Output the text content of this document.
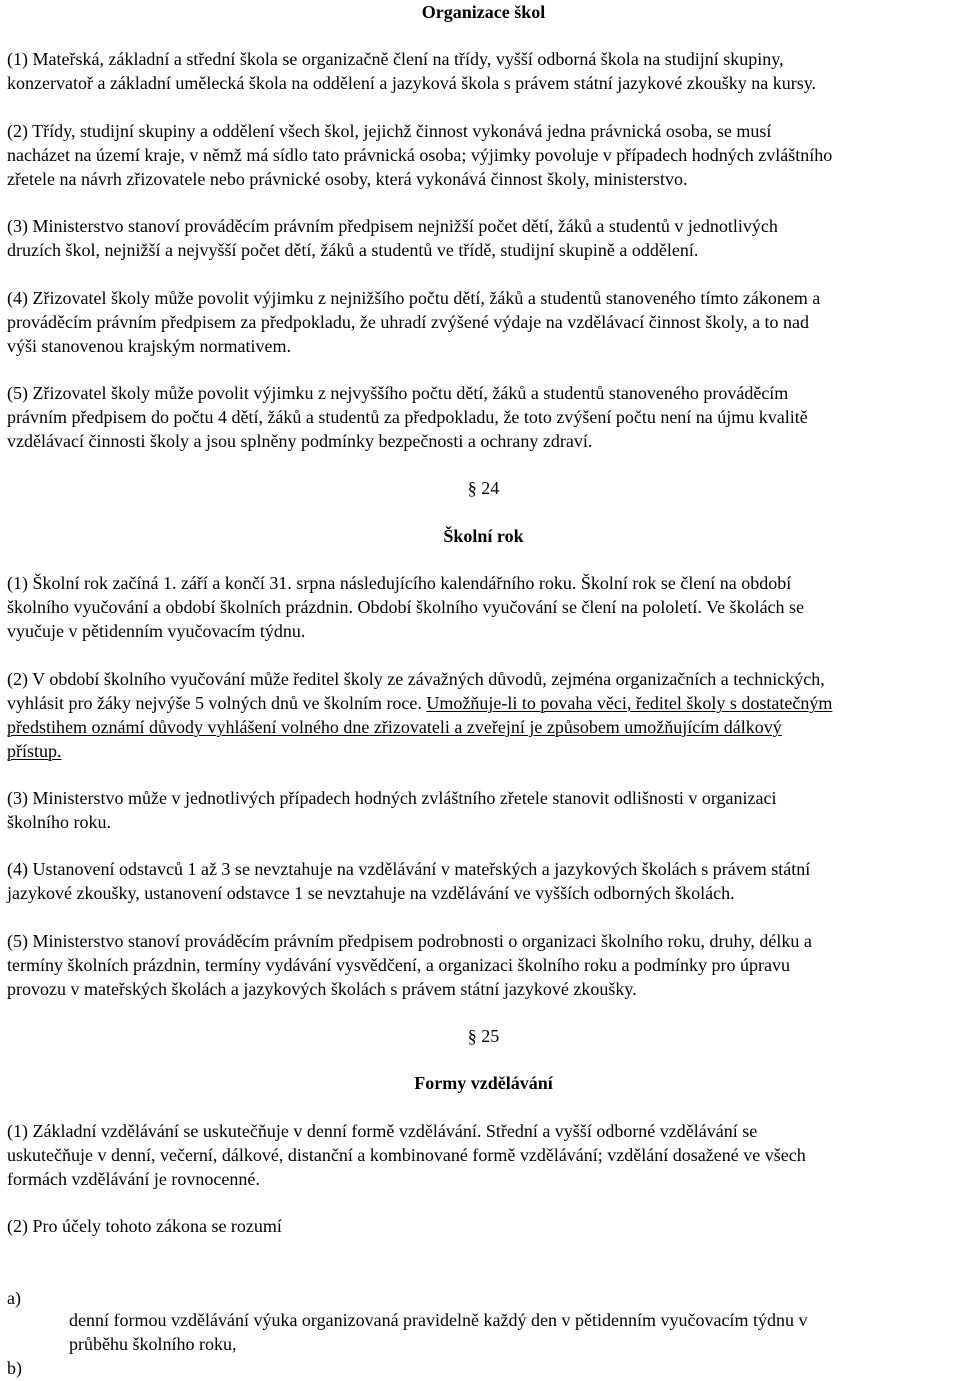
Organizace škol
(1) Mateřská, základní a střední škola se organizačně člení na třídy, vyšší odborná škola na studijní skupiny,
konzervatoř a základní umělecká škola na oddělení a jazyková škola s právem státní jazykové zkoušky na kursy.
(2) Třídy, studijní skupiny a oddělení všech škol, jejichž činnost vykonává jedna právnická osoba, se musí
nacházet na území kraje, v němž má sídlo tato právnická osoba; výjimky povoluje v případech hodných zvláštního
zřetele na návrh zřizovatele nebo právnické osoby, která vykonává činnost školy, ministerstvo.
(3) Ministerstvo stanoví prováděcím právním předpisem nejnižší počet dětí, žáků a studentů v jednotlivých
druzích škol, nejnižší a nejvyšší počet dětí, žáků a studentů ve třídě, studijní skupině a oddělení.
(4) Zřizovatel školy může povolit výjimku z nejnižšího počtu dětí, žáků a studentů stanoveného tímto zákonem a
prováděcím právním předpisem za předpokladu, že uhradí zvýšené výdaje na vzdělávací činnost školy, a to nad
výši stanovenou krajským normativem.
(5) Zřizovatel školy může povolit výjimku z nejvyššího počtu dětí, žáků a studentů stanoveného prováděcím
právním předpisem do počtu 4 dětí, žáků a studentů za předpokladu, že toto zvýšení počtu není na újmu kvalitě
vzdělávací činnosti školy a jsou splněny podmínky bezpečnosti a ochrany zdraví.
§ 24
Školní rok
(1) Školní rok začíná 1. září a končí 31. srpna následujícího kalendářního roku. Školní rok se člení na období
školního vyučování a období školních prázdnin. Období školního vyučování se člení na pololetí. Ve školách se
vyučuje v pětidenním vyučovacím týdnu.
(2) V období školního vyučování může ředitel školy ze závažných důvodů, zejména organizačních a technických,
vyhlásit pro žáky nejvýše 5 volných dnů ve školním roce. Umožňuje-li to povaha věci, ředitel školy s dostatečným
předstihem oznámí důvody vyhlášení volného dne zřizovateli a zveřejní je způsobem umožňujícím dálkový
přístup.
(3) Ministerstvo může v jednotlivých případech hodných zvláštního zřetele stanovit odlišnosti v organizaci
školního roku.
(4) Ustanovení odstavců 1 až 3 se nevztahuje na vzdělávání v mateřských a jazykových školách s právem státní
jazykové zkoušky, ustanovení odstavce 1 se nevztahuje na vzdělávání ve vyšších odborných školách.
(5) Ministerstvo stanoví prováděcím právním předpisem podrobnosti o organizaci školního roku, druhy, délku a
termíny školních prázdnin, termíny vydávání vysvědčení, a organizaci školního roku a podmínky pro úpravu
provozu v mateřských školách a jazykových školách s právem státní jazykové zkoušky.
§ 25
Formy vzdělávání
(1) Základní vzdělávání se uskutečňuje v denní formě vzdělávání. Střední a vyšší odborné vzdělávání se
uskutečňuje v denní, večerní, dálkové, distanční a kombinované formě vzdělávání; vzdělání dosažené ve všech
formách vzdělávání je rovnocenné.
(2) Pro účely tohoto zákona se rozumí
a)
denní formou vzdělávání výuka organizovaná pravidelně každý den v pětidenním vyučovacím týdnu v
průběhu školního roku,
b)
